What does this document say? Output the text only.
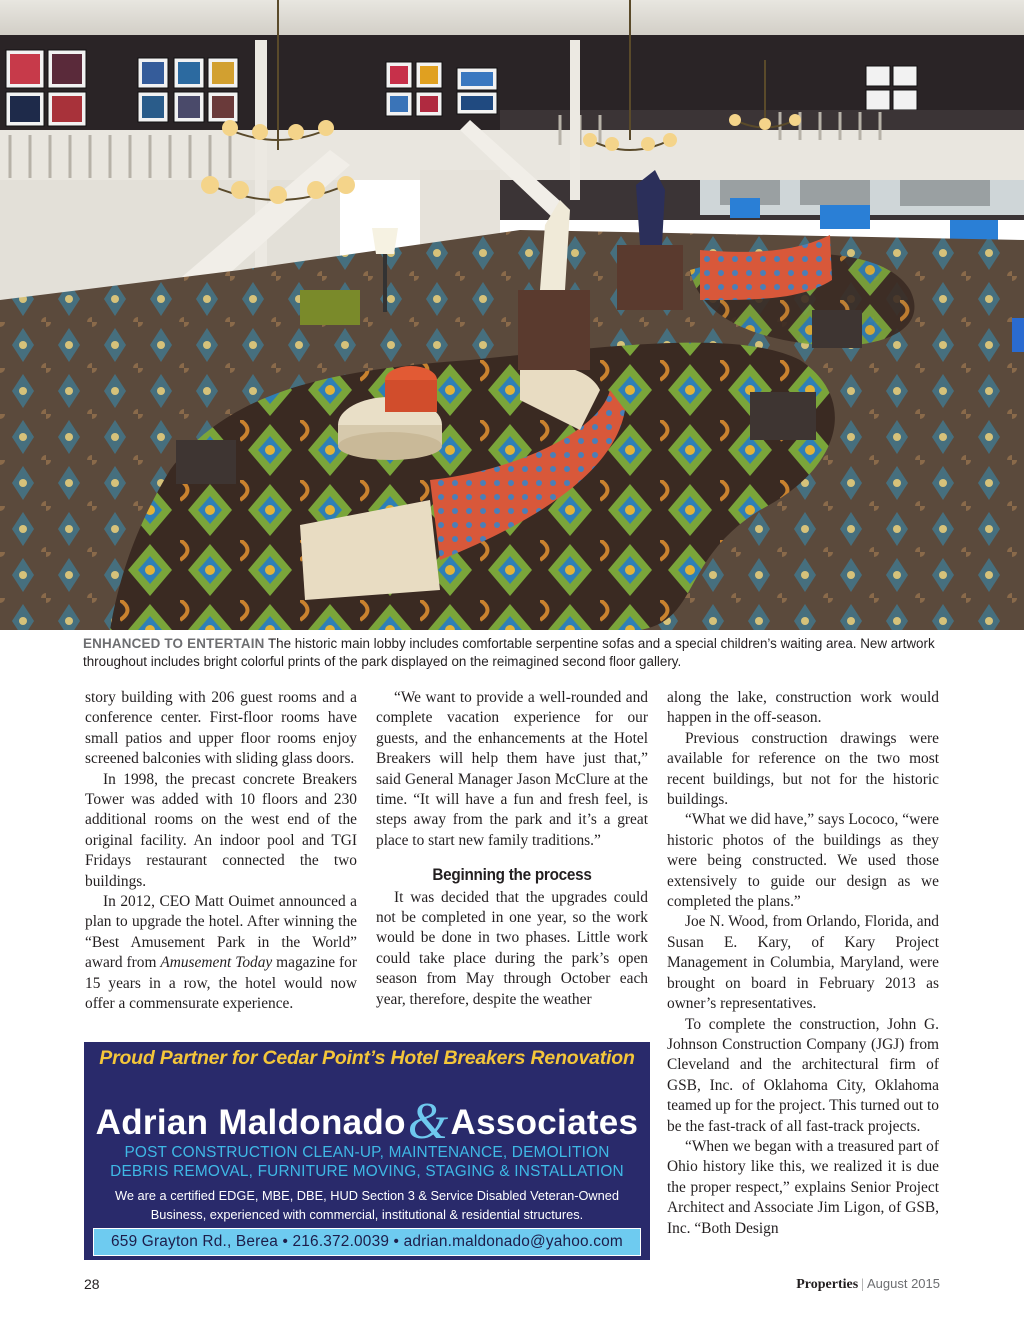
ENHANCED TO ENTERTAIN The historic main lobby includes comfortable serpentine sofas and a special children’s waiting area. New artwork throughout includes bright colorful prints of the park displayed on the reimagined second floor gallery.

story building with 206 guest rooms and a conference center. First-floor rooms have small patios and upper floor rooms enjoy screened balconies with sliding glass doors.

In 1998, the precast concrete Breakers Tower was added with 10 floors and 230 additional rooms on the west end of the original facility. An indoor pool and TGI Fridays restaurant connected the two buildings.

In 2012, CEO Matt Ouimet announced a plan to upgrade the hotel. After winning the “Best Amusement Park in the World” award from Amusement Today magazine for 15 years in a row, the hotel would now offer a commensurate experience.

“We want to provide a well-rounded and complete vacation experience for our guests, and the enhancements at the Hotel Breakers will help them have just that,” said General Manager Jason McClure at the time. “It will have a fun and fresh feel, is steps away from the park and it’s a great place to start new family traditions.”

Beginning the process

It was decided that the upgrades could not be completed in one year, so the work would be done in two phases. Little work could take place during the park’s open season from May through October each year, therefore, despite the weather

along the lake, construction work would happen in the off-season.

Previous construction drawings were available for reference on the two most recent buildings, but not for the historic buildings.

“What we did have,” says Lococo, “were historic photos of the buildings as they were being constructed. We used those extensively to guide our design as we completed the plans.”

Joe N. Wood, from Orlando, Florida, and Susan E. Kary, of Kary Project Management in Columbia, Maryland, were brought on board in February 2013 as owner’s representatives.

To complete the construction, John G. Johnson Construction Company (JGJ) from Cleveland and the architectural firm of GSB, Inc. of Oklahoma City, Oklahoma teamed up for the project. This turned out to be the fast-track of all fast-track projects.

“When we began with a treasured part of Ohio history like this, we realized it is due the proper respect,” explains Senior Project Architect and Associate Jim Ligon, of GSB, Inc. “Both Design

Proud Partner for Cedar Point’s Hotel Breakers Renovation
Adrian Maldonado&Associates
POST CONSTRUCTION CLEAN-UP, MAINTENANCE, DEMOLITION
DEBRIS REMOVAL, FURNITURE MOVING, STAGING & INSTALLATION
We are a certified EDGE, MBE, DBE, HUD Section 3 & Service Disabled Veteran-Owned
Business, experienced with commercial, institutional & residential structures.
659 Grayton Rd., Berea • 216.372.0039 • adrian.maldonado@yahoo.com
28	Properties | August 2015
